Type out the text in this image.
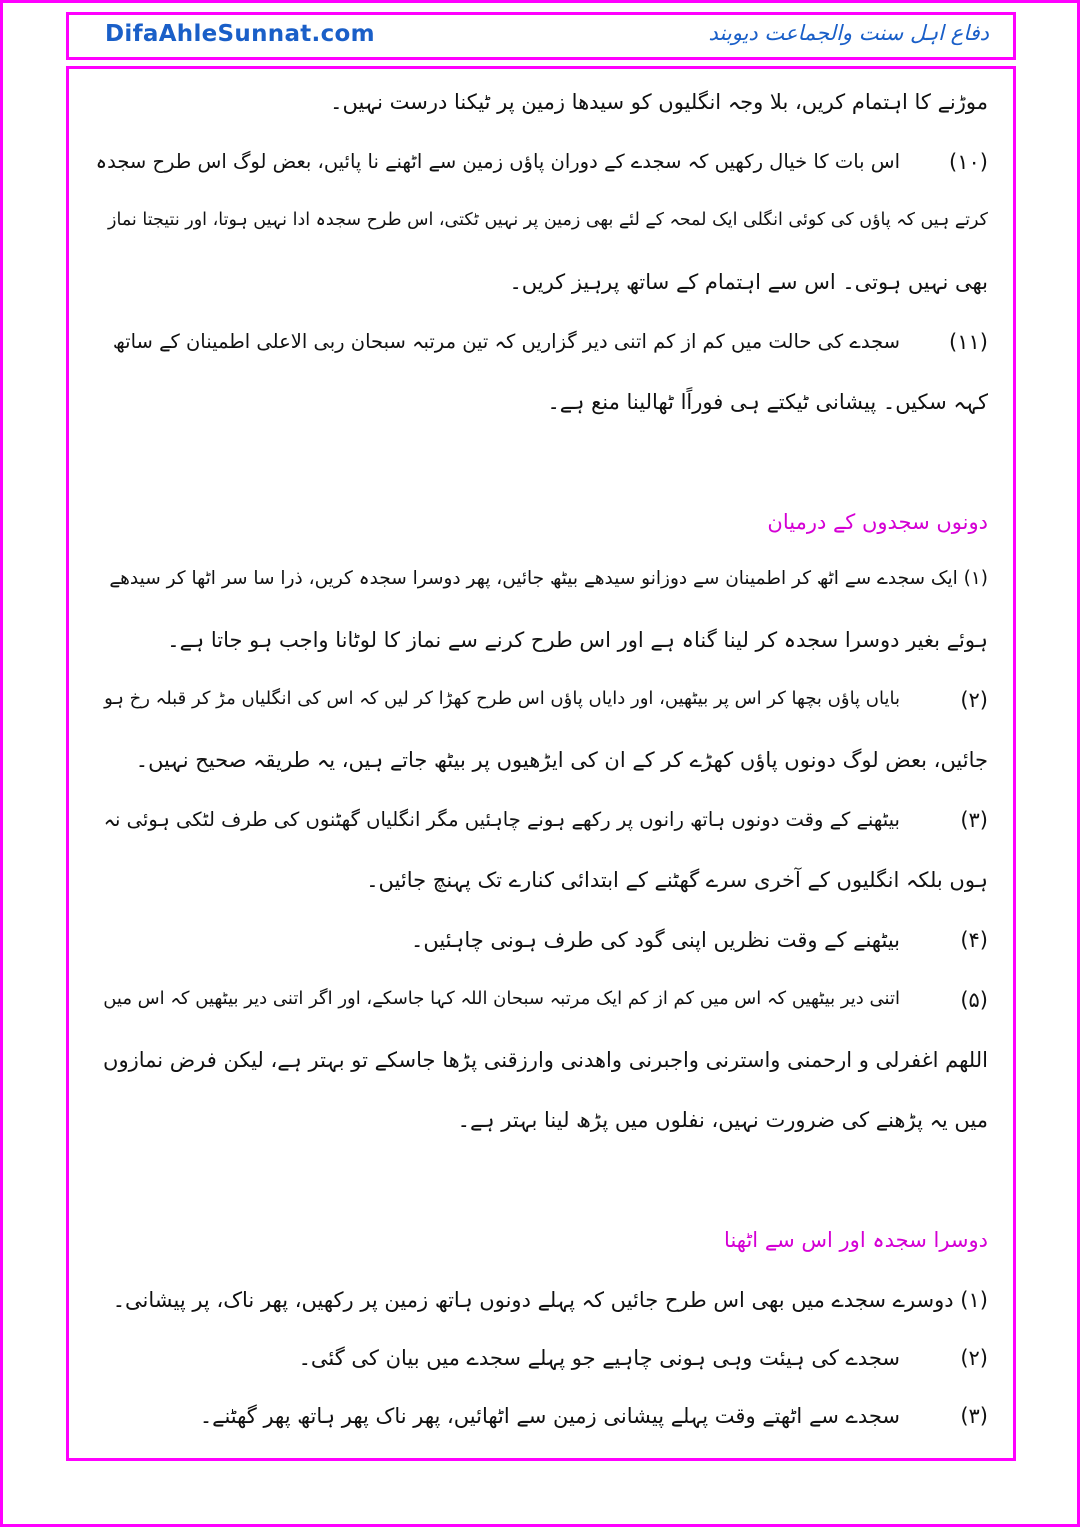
DifaAhleSunnat.com	دفاع اہل سنت والجماعت دیوبند
موڑنے کا اہتمام کریں، بلا وجہ انگلیوں کو سیدھا زمین پر ٹیکنا درست نہیں۔
(۱۰)
اس بات کا خیال رکھیں کہ سجدے کے دوران پاؤں زمین سے اٹھنے نا پائیں، بعض لوگ اس طرح سجدہ
کرتے ہیں کہ پاؤں کی کوئی انگلی ایک لمحہ کے لئے بھی زمین پر نہیں ٹکتی، اس طرح سجدہ ادا نہیں ہوتا، اور نتیجتا نماز
بھی نہیں ہوتی۔ اس سے اہتمام کے ساتھ پرہیز کریں۔
(۱۱)
سجدے کی حالت میں کم از کم اتنی دیر گزاریں کہ تین مرتبہ سبحان ربی الاعلی اطمینان کے ساتھ
کہہ سکیں۔ پیشانی ٹیکتے ہی فوراًا ٹھالینا منع ہے۔
دونوں سجدوں کے درمیان
(۱) ایک سجدے سے اٹھ کر اطمینان سے دوزانو سیدھے بیٹھ جائیں، پھر دوسرا سجدہ کریں، ذرا سا سر اٹھا کر سیدھے
ہوئے بغیر دوسرا سجدہ کر لینا گناہ ہے اور اس طرح کرنے سے نماز کا لوٹانا واجب ہو جاتا ہے۔
(۲)
بایاں پاؤں بچھا کر اس پر بیٹھیں، اور دایاں پاؤں اس طرح کھڑا کر لیں کہ اس کی انگلیاں مڑ کر قبلہ رخ ہو
جائیں، بعض لوگ دونوں پاؤں کھڑے کر کے ان کی ایڑھیوں پر بیٹھ جاتے ہیں، یہ طریقہ صحیح نہیں۔
(۳)
بیٹھنے کے وقت دونوں ہاتھ رانوں پر رکھے ہونے چاہئیں مگر انگلیاں گھٹنوں کی طرف لٹکی ہوئی نہ
ہوں بلکہ انگلیوں کے آخری سرے گھٹنے کے ابتدائی کنارے تک پہنچ جائیں۔
(۴)
بیٹھنے کے وقت نظریں اپنی گود کی طرف ہونی چاہئیں۔
(۵)
اتنی دیر بیٹھیں کہ اس میں کم از کم ایک مرتبہ سبحان اللہ کہا جاسکے، اور اگر اتنی دیر بیٹھیں کہ اس میں
اللھم اغفرلی و ارحمنی واسترنی واجبرنی واھدنی وارزقنی پڑھا جاسکے تو بہتر ہے، لیکن فرض نمازوں
میں یہ پڑھنے کی ضرورت نہیں، نفلوں میں پڑھ لینا بہتر ہے۔
دوسرا سجدہ اور اس سے اٹھنا
(۱) دوسرے سجدے میں بھی اس طرح جائیں کہ پہلے دونوں ہاتھ زمین پر رکھیں، پھر ناک، پر پیشانی۔
(۲)
سجدے کی ہیئت وہی ہونی چاہیے جو پہلے سجدے میں بیان کی گئی۔
(۳)
سجدے سے اٹھتے وقت پہلے پیشانی زمین سے اٹھائیں، پھر ناک پھر ہاتھ پھر گھٹنے۔
